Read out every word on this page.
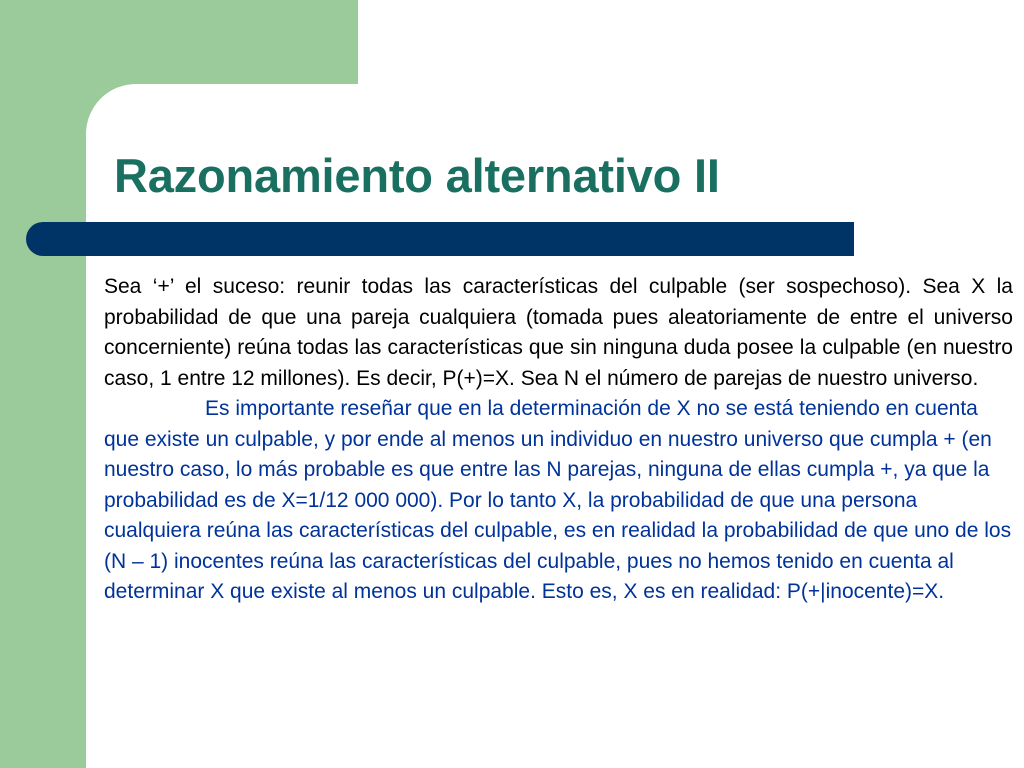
Razonamiento alternativo II

Sea ‘+’ el suceso: reunir todas las características del culpable (ser sospechoso). Sea X la probabilidad de que una pareja cualquiera (tomada pues aleatoriamente de entre el universo concerniente) reúna todas las características que sin ninguna duda posee la culpable (en nuestro caso, 1 entre 12 millones). Es decir, P(+)=X. Sea N el número de parejas de nuestro universo.

Es importante reseñar que en la determinación de X no se está teniendo en cuenta que existe un culpable, y por ende al menos un individuo en nuestro universo que cumpla + (en nuestro caso, lo más probable es que entre las N parejas, ninguna de ellas cumpla +, ya que la probabilidad es de X=1/12 000 000). Por lo tanto X, la probabilidad de que una persona cualquiera reúna las características del culpable, es en realidad la probabilidad de que uno de los (N – 1) inocentes reúna las características del culpable, pues no hemos tenido en cuenta al determinar X que existe al menos un culpable. Esto es, X es en realidad: P(+|inocente)=X.
